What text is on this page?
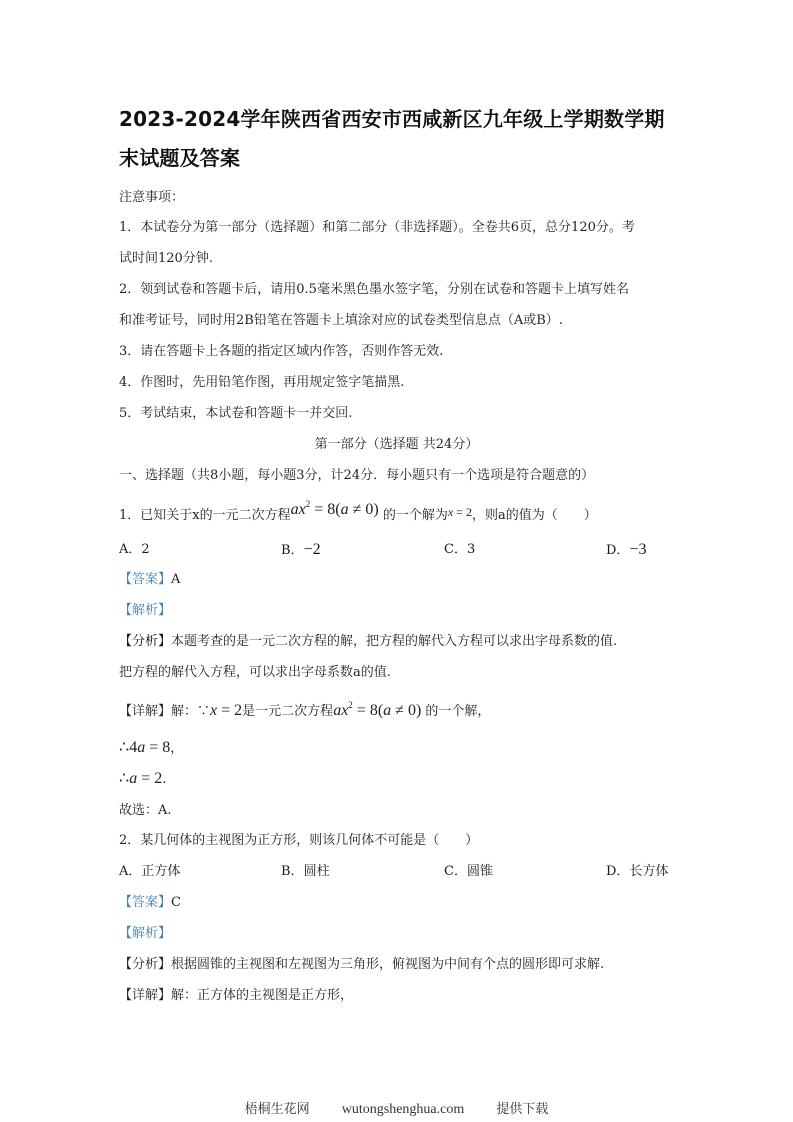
2023-2024学年陕西省西安市西咸新区九年级上学期数学期
末试题及答案
注意事项：
1．本试卷分为第一部分（选择题）和第二部分（非选择题）。全卷共6页，总分120分。考
试时间120分钟.
2．领到试卷和答题卡后，请用0.5毫米黑色墨水签字笔，分别在试卷和答题卡上填写姓名
和准考证号，同时用2B铅笔在答题卡上填涂对应的试卷类型信息点（A或B）.
3．请在答题卡上各题的指定区域内作答，否则作答无效.
4．作图时，先用铅笔作图，再用规定签字笔描黑.
5．考试结束，本试卷和答题卡一并交回.
第一部分（选择题 共24分）
一、选择题（共8小题，每小题3分，计24分．每小题只有一个选项是符合题意的）
1．已知关于x的一元二次方程$ax^2 = 8(a \ne 0)$ 的一个解为x = 2，则a的值为（　　）
A．2	B．−2	C．3	D．−3
【答案】A
【解析】
【分析】本题考查的是一元二次方程的解，把方程的解代入方程可以求出字母系数的值.
把方程的解代入方程，可以求出字母系数a的值.
【详解】解：∵x = 2是一元二次方程$ax^2 = 8(a \ne 0)$ 的一个解，
∴4a = 8，
∴a = 2.
故选：A.
2．某几何体的主视图为正方形，则该几何体不可能是（　　）
A．正方体	B．圆柱	C．圆锥	D．长方体
【答案】C
【解析】
【分析】根据圆锥的主视图和左视图为三角形，俯视图为中间有个点的圆形即可求解.
【详解】解：正方体的主视图是正方形，
梧桐生花网 wutongshenghua.com 提供下载
